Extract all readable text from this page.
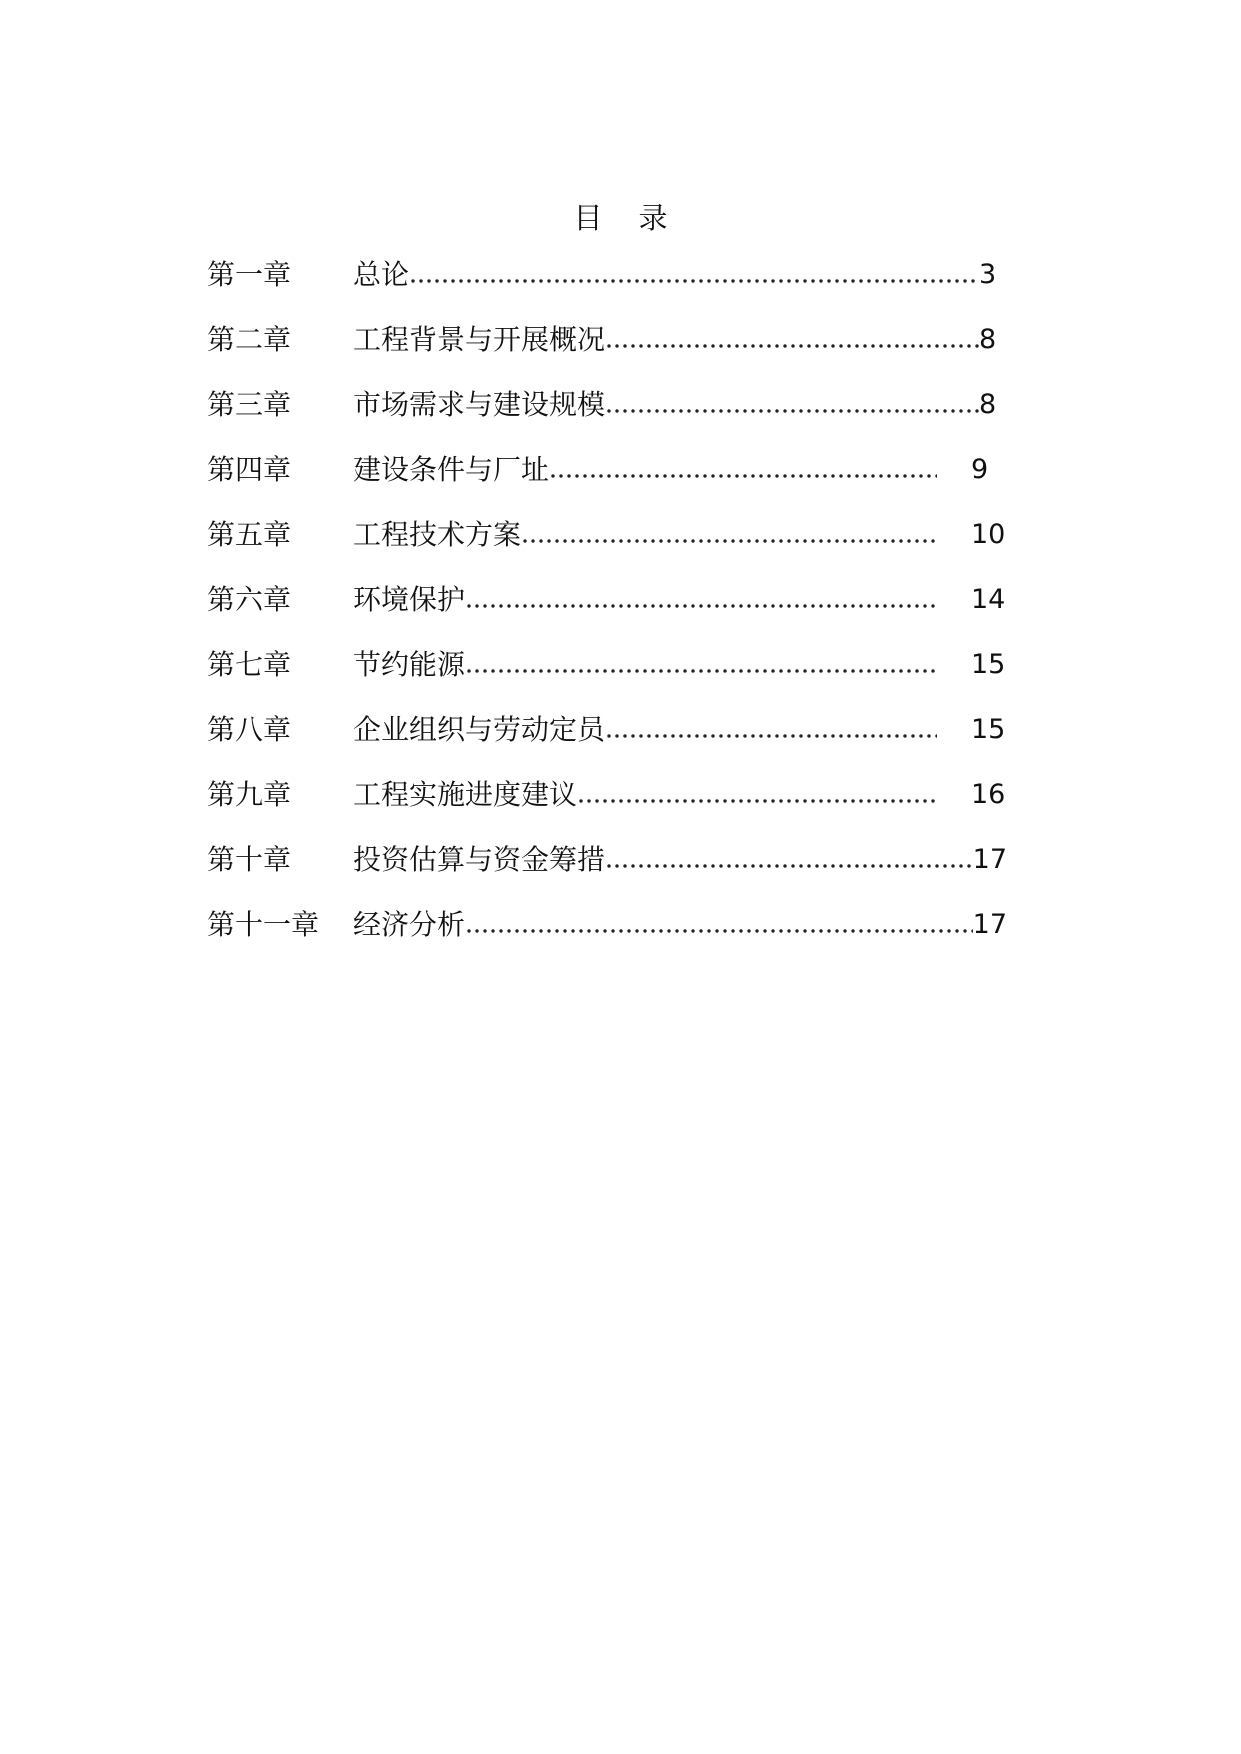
目 录
第一章	总论	3
第二章	工程背景与开展概况	8
第三章	市场需求与建设规模	8
第四章	建设条件与厂址	9
第五章	工程技术方案	10
第六章	环境保护	14
第七章	节约能源	15
第八章	企业组织与劳动定员	15
第九章	工程实施进度建议	16
第十章	投资估算与资金筹措	17
第十一章	经济分析	17
